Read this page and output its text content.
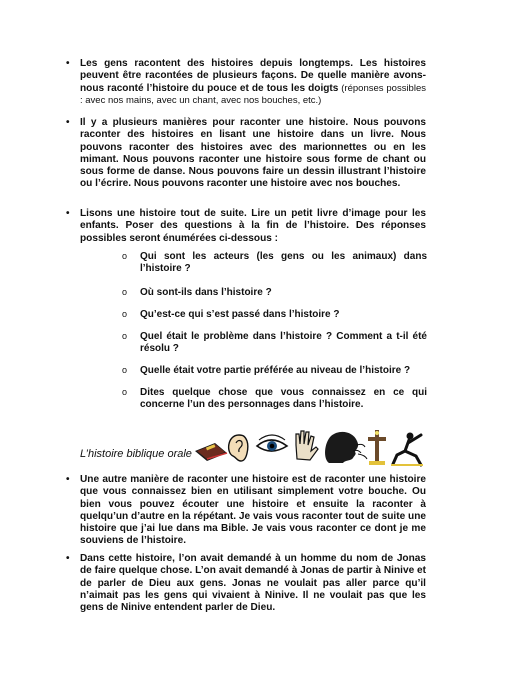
• Les gens racontent des histoires depuis longtemps. Les histoires peuvent être racontées de plusieurs façons. De quelle manière avons-nous raconté l’histoire du pouce et de tous les doigts (réponses possibles : avec nos mains, avec un chant, avec nos bouches, etc.)
• Il y a plusieurs manières pour raconter une histoire. Nous pouvons raconter des histoires en lisant une histoire dans un livre. Nous pouvons raconter des histoires avec des marionnettes ou en les mimant. Nous pouvons raconter une histoire sous forme de chant ou sous forme de danse. Nous pouvons faire un dessin illustrant l’histoire ou l’écrire. Nous pouvons raconter une histoire avec nos bouches.
• Lisons une histoire tout de suite. Lire un petit livre d’image pour les enfants. Poser des questions à la fin de l’histoire. Des réponses possibles seront énumérées ci-dessous :
o Qui sont les acteurs (les gens ou les animaux) dans l’histoire ?
o Où sont-ils dans l’histoire ?
o Qu’est-ce qui s’est passé dans l’histoire ?
o Quel était le problème dans l’histoire ? Comment a t-il été résolu ?
o Quelle était votre partie préférée au niveau de l’histoire ?
o Dites quelque chose que vous connaissez en ce qui concerne l’un des personnages dans l’histoire.
L’histoire biblique orale
• Une autre manière de raconter une histoire est de raconter une histoire que vous connaissez bien en utilisant simplement votre bouche. Ou bien vous pouvez écouter une histoire et ensuite la raconter à quelqu’un d’autre en la répétant. Je vais vous raconter tout de suite une histoire que j’ai lue dans ma Bible. Je vais vous raconter ce dont je me souviens de l’histoire.
• Dans cette histoire, l’on avait demandé à un homme du nom de Jonas de faire quelque chose. L’on avait demandé à Jonas de partir à Ninive et de parler de Dieu aux gens. Jonas ne voulait pas aller parce qu’il n’aimait pas les gens qui vivaient à Ninive. Il ne voulait pas que les gens de Ninive entendent parler de Dieu.
